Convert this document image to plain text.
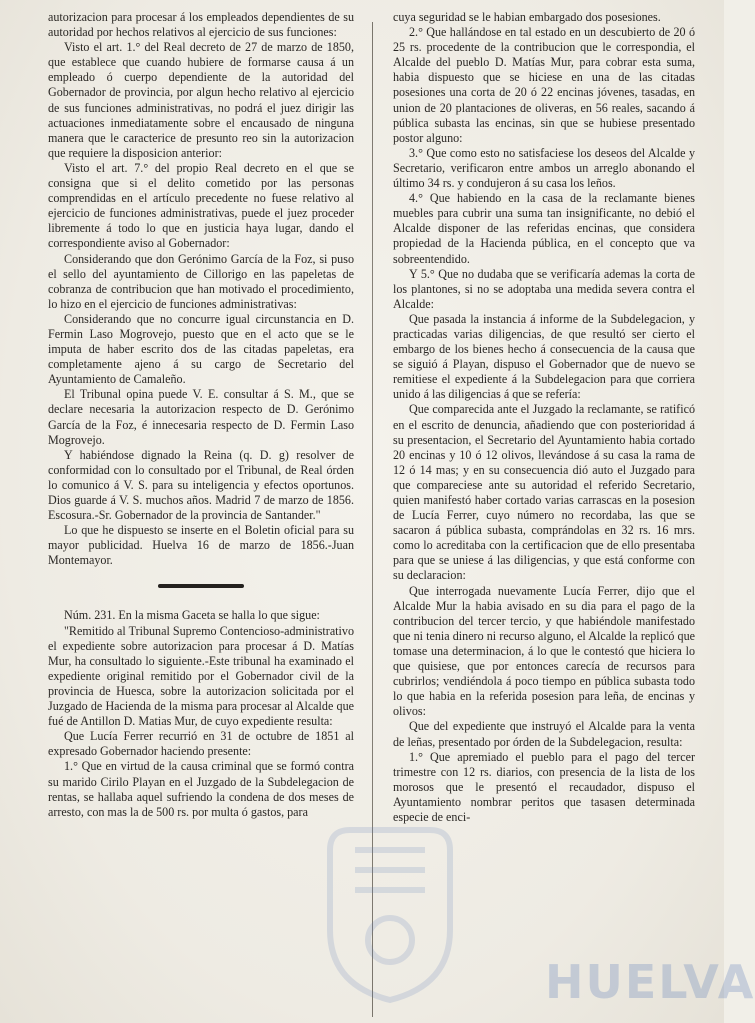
autorizacion para procesar á los empleados dependientes de su autoridad por hechos relativos al ejercicio de sus funciones:

Visto el art. 1.° del Real decreto de 27 de marzo de 1850, que establece que cuando hubiere de formarse causa á un empleado ó cuerpo dependiente de la autoridad del Gobernador de provincia, por algun hecho relativo al ejercicio de sus funciones administrativas, no podrá el juez dirigir las actuaciones inmediatamente sobre el encausado de ninguna manera que le caracterice de presunto reo sin la autorizacion que requiere la disposicion anterior:

Visto el art. 7.° del propio Real decreto en el que se consigna que si el delito cometido por las personas comprendidas en el artículo precedente no fuese relativo al ejercicio de funciones administrativas, puede el juez proceder libremente á todo lo que en justicia haya lugar, dando el correspondiente aviso al Gobernador:

Considerando que don Gerónimo García de la Foz, si puso el sello del ayuntamiento de Cillorigo en las papeletas de cobranza de contribucion que han motivado el procedimiento, lo hizo en el ejercicio de funciones administrativas:

Considerando que no concurre igual circunstancia en D. Fermin Laso Mogrovejo, puesto que en el acto que se le imputa de haber escrito dos de las citadas papeletas, era completamente ajeno á su cargo de Secretario del Ayuntamiento de Camaleño.

El Tribunal opina puede V. E. consultar á S. M., que se declare necesaria la autorizacion respecto de D. Gerónimo García de la Foz, é innecesaria respecto de D. Fermin Laso Mogrovejo.

Y habiéndose dignado la Reina (q. D. g) resolver de conformidad con lo consultado por el Tribunal, de Real órden lo comunico á V. S. para su inteligencia y efectos oportunos. Dios guarde á V. S. muchos años. Madrid 7 de marzo de 1856. Escosura.-Sr. Gobernador de la provincia de Santander."

Lo que he dispuesto se inserte en el Boletin oficial para su mayor publicidad. Huelva 16 de marzo de 1856.-Juan Montemayor.

Núm. 231. En la misma Gaceta se halla lo que sigue:

"Remitido al Tribunal Supremo Contencioso-administrativo el expediente sobre autorizacion para procesar á D. Matías Mur, ha consultado lo siguiente.-Este tribunal ha examinado el expediente original remitido por el Gobernador civil de la provincia de Huesca, sobre la autorizacion solicitada por el Juzgado de Hacienda de la misma para procesar al Alcalde que fué de Antillon D. Matias Mur, de cuyo expediente resulta:

Que Lucía Ferrer recurrió en 31 de octubre de 1851 al expresado Gobernador haciendo presente:

1.° Que en virtud de la causa criminal que se formó contra su marido Cirilo Playan en el Juzgado de la Subdelegacion de rentas, se hallaba aquel sufriendo la condena de dos meses de arresto, con mas la de 500 rs. por multa ó gastos, para

cuya seguridad se le habian embargado dos posesiones.

2.° Que hallándose en tal estado en un descubierto de 20 ó 25 rs. procedente de la contribucion que le correspondia, el Alcalde del pueblo D. Matías Mur, para cobrar esta suma, habia dispuesto que se hiciese en una de las citadas posesiones una corta de 20 ó 22 encinas jóvenes, tasadas, en union de 20 plantaciones de oliveras, en 56 reales, sacando á pública subasta las encinas, sin que se hubiese presentado postor alguno:

3.° Que como esto no satisfaciese los deseos del Alcalde y Secretario, verificaron entre ambos un arreglo abonando el último 34 rs. y condujeron á su casa los leños.

4.° Que habiendo en la casa de la reclamante bienes muebles para cubrir una suma tan insignificante, no debió el Alcalde disponer de las referidas encinas, que considera propiedad de la Hacienda pública, en el concepto que va sobreentendido.

Y 5.° Que no dudaba que se verificaría ademas la corta de los plantones, si no se adoptaba una medida severa contra el Alcalde:

Que pasada la instancia á informe de la Subdelegacion, y practicadas varias diligencias, de que resultó ser cierto el embargo de los bienes hecho á consecuencia de la causa que se siguió á Playan, dispuso el Gobernador que de nuevo se remitiese el expediente á la Subdelegacion para que corriera unido á las diligencias á que se refería:

Que comparecida ante el Juzgado la reclamante, se ratificó en el escrito de denuncia, añadiendo que con posterioridad á su presentacion, el Secretario del Ayuntamiento habia cortado 20 encinas y 10 ó 12 olivos, llevándose á su casa la rama de 12 ó 14 mas; y en su consecuencia dió auto el Juzgado para que compareciese ante su autoridad el referido Secretario, quien manifestó haber cortado varias carrascas en la posesion de Lucía Ferrer, cuyo número no recordaba, las que se sacaron á pública subasta, comprándolas en 32 rs. 16 mrs. como lo acreditaba con la certificacion que de ello presentaba para que se uniese á las diligencias, y que está conforme con su declaracion:

Que interrogada nuevamente Lucía Ferrer, dijo que el Alcalde Mur la habia avisado en su dia para el pago de la contribucion del tercer tercio, y que habiéndole manifestado que ni tenia dinero ni recurso alguno, el Alcalde la replicó que tomase una determinacion, á lo que le contestó que hiciera lo que quisiese, que por entonces carecía de recursos para cubrirlos; vendiéndola á poco tiempo en pública subasta todo lo que habia en la referida posesion para leña, de encinas y olivos:

Que del expediente que instruyó el Alcalde para la venta de leñas, presentado por órden de la Subdelegacion, resulta:

1.° Que apremiado el pueblo para el pago del tercer trimestre con 12 rs. diarios, con presencia de la lista de los morosos que le presentó el recaudador, dispuso el Ayuntamiento nombrar peritos que tasasen determinada especie de enci-

HUELVA
